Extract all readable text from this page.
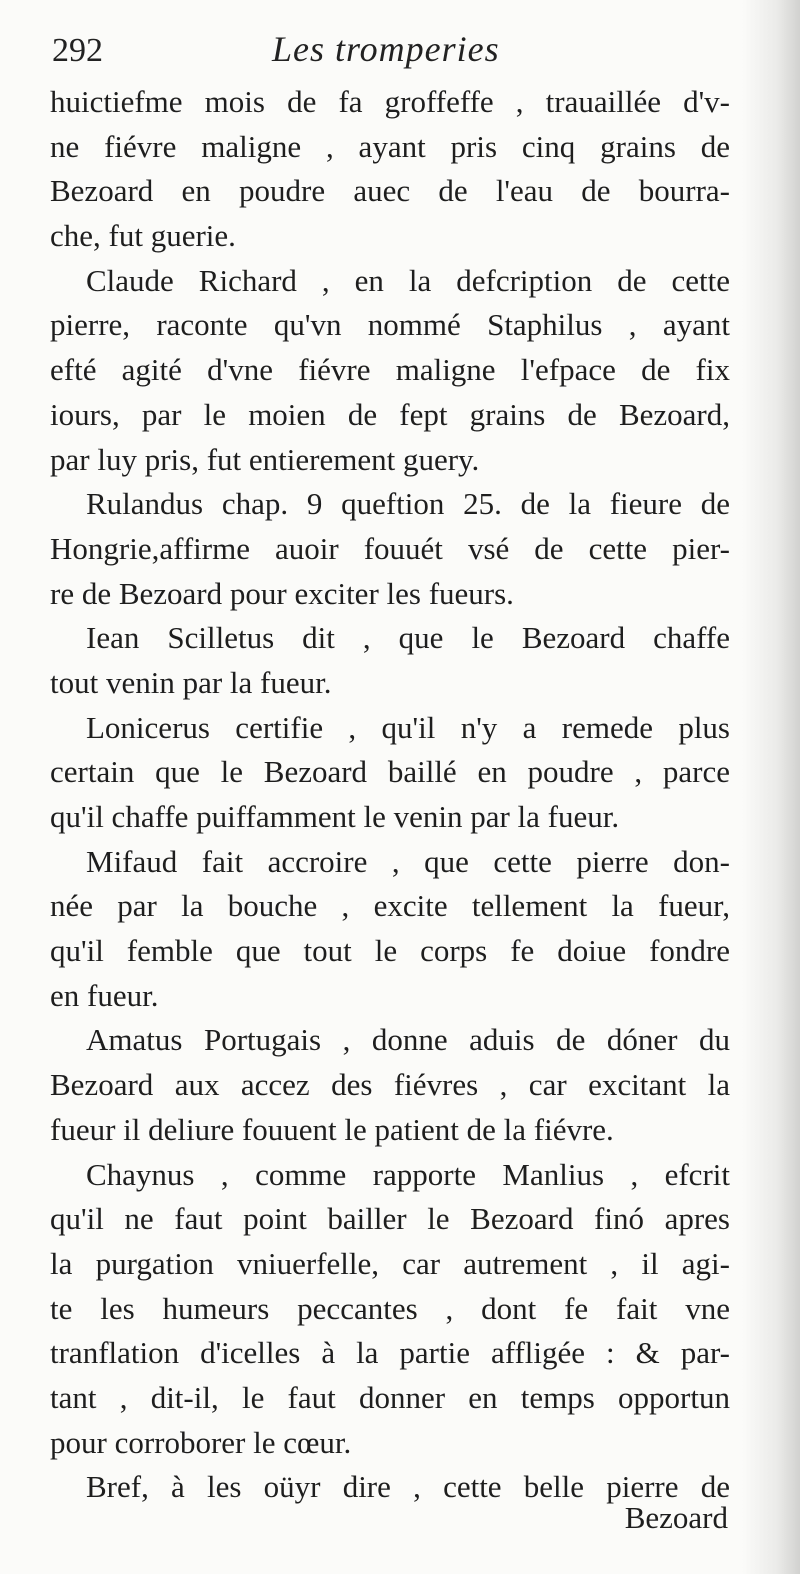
292	Les tromperies
huictiefme mois de fa groffeffe , trauaillée d'v-
ne fiévre maligne , ayant pris cinq grains de
Bezoard en poudre auec de l'eau de bourra-
che, fut guerie.
Claude Richard , en la defcription de cette
pierre, raconte qu'vn nommé Staphilus , ayant
efté agité d'vne fiévre maligne l'efpace de fix
iours, par le moien de fept grains de Bezoard,
par luy pris, fut entierement guery.
Rulandus chap. 9 queftion 25. de la fieure de
Hongrie,affirme auoir fouuét vsé de cette pier-
re de Bezoard pour exciter les fueurs.
Iean Scilletus dit , que le Bezoard chaffe
tout venin par la fueur.
Lonicerus certifie , qu'il n'y a remede plus
certain que le Bezoard baillé en poudre , parce
qu'il chaffe puiffamment le venin par la fueur.
Mifaud fait accroire , que cette pierre don-
née par la bouche , excite tellement la fueur,
qu'il femble que tout le corps fe doiue fondre
en fueur.
Amatus Portugais , donne aduis de dóner du
Bezoard aux accez des fiévres , car excitant la
fueur il deliure fouuent le patient de la fiévre.
Chaynus , comme rapporte Manlius , efcrit
qu'il ne faut point bailler le Bezoard finó apres
la purgation vniuerfelle, car autrement , il agi-
te les humeurs peccantes , dont fe fait vne
tranflation d'icelles à la partie affligée : & par-
tant , dit-il, le faut donner en temps opportun
pour corroborer le cœur.
Bref, à les oüyr dire , cette belle pierre de
Bezoard
